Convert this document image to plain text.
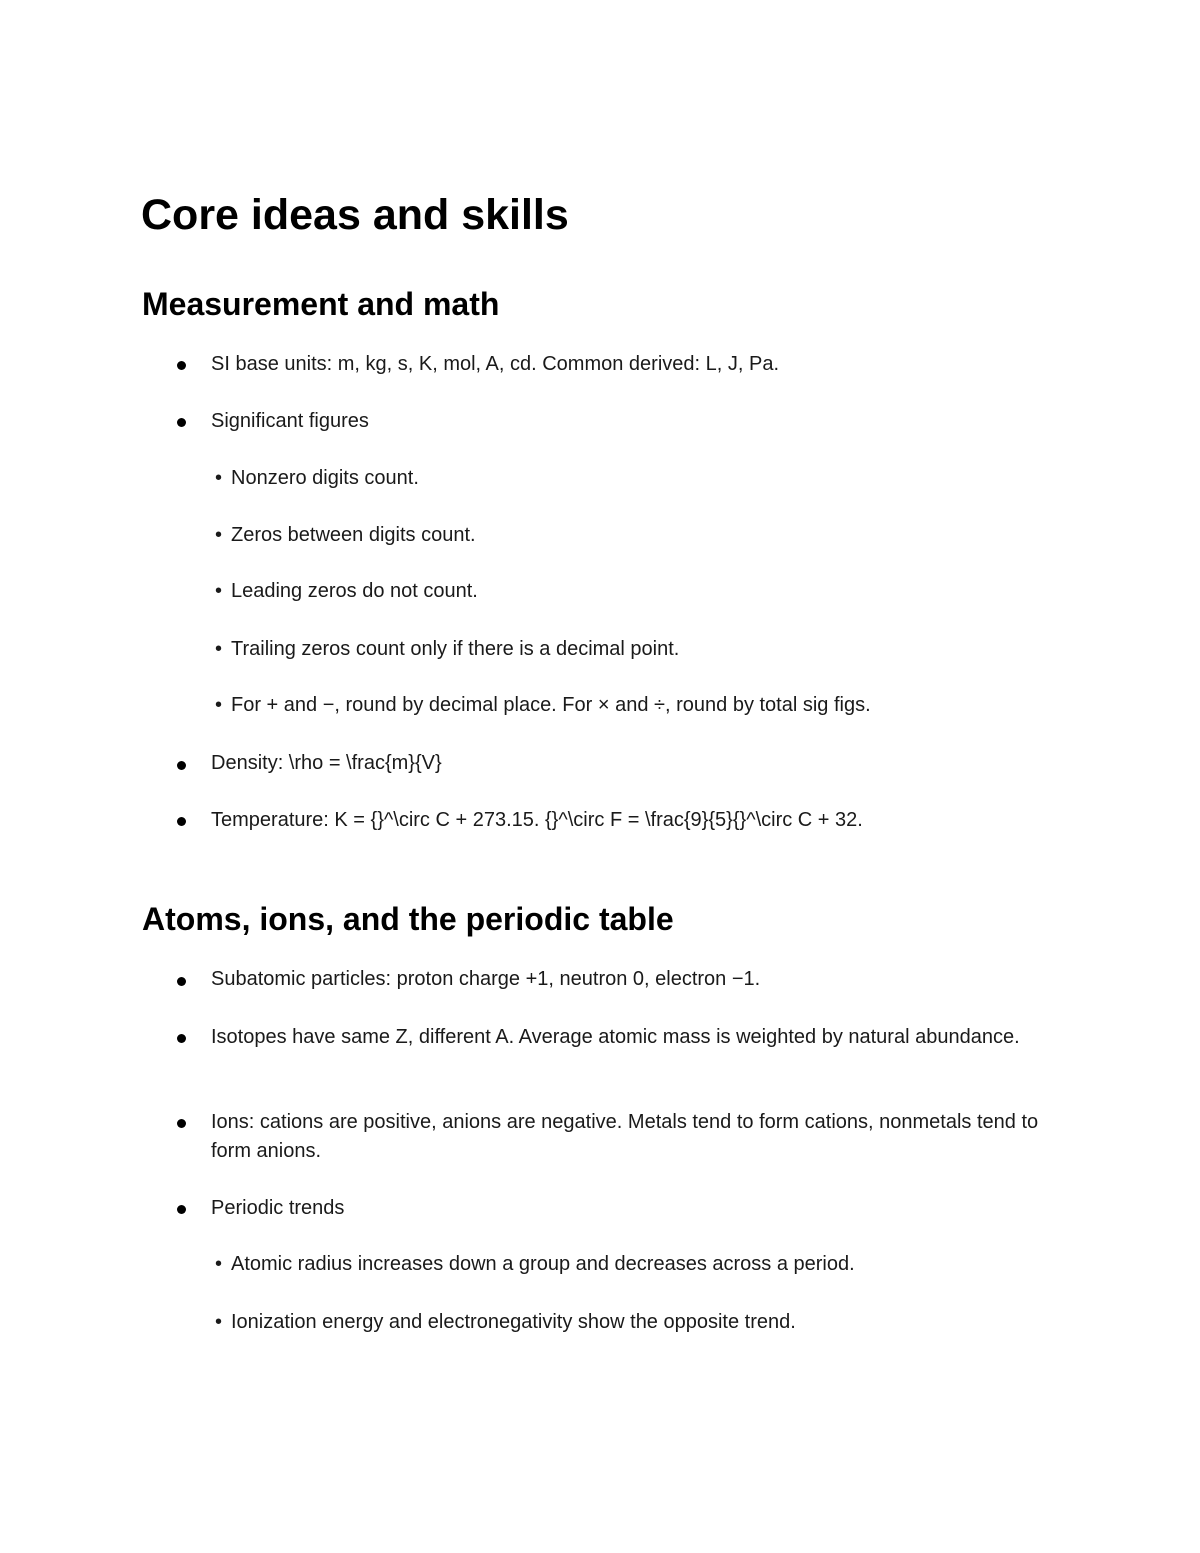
Core ideas and skills
Measurement and math
SI base units: m, kg, s, K, mol, A, cd. Common derived: L, J, Pa.
Significant figures
• Nonzero digits count.
• Zeros between digits count.
• Leading zeros do not count.
• Trailing zeros count only if there is a decimal point.
• For + and −, round by decimal place. For × and ÷, round by total sig figs.
Density: \rho = \frac{m}{V}
Temperature: K = {}^\circ C + 273.15. {}^\circ F = \frac{9}{5}{}^\circ C + 32.
Atoms, ions, and the periodic table
Subatomic particles: proton charge +1, neutron 0, electron −1.
Isotopes have same Z, different A. Average atomic mass is weighted by natural abundance.
Ions: cations are positive, anions are negative. Metals tend to form cations, nonmetals tend to form anions.
Periodic trends
• Atomic radius increases down a group and decreases across a period.
• Ionization energy and electronegativity show the opposite trend.
